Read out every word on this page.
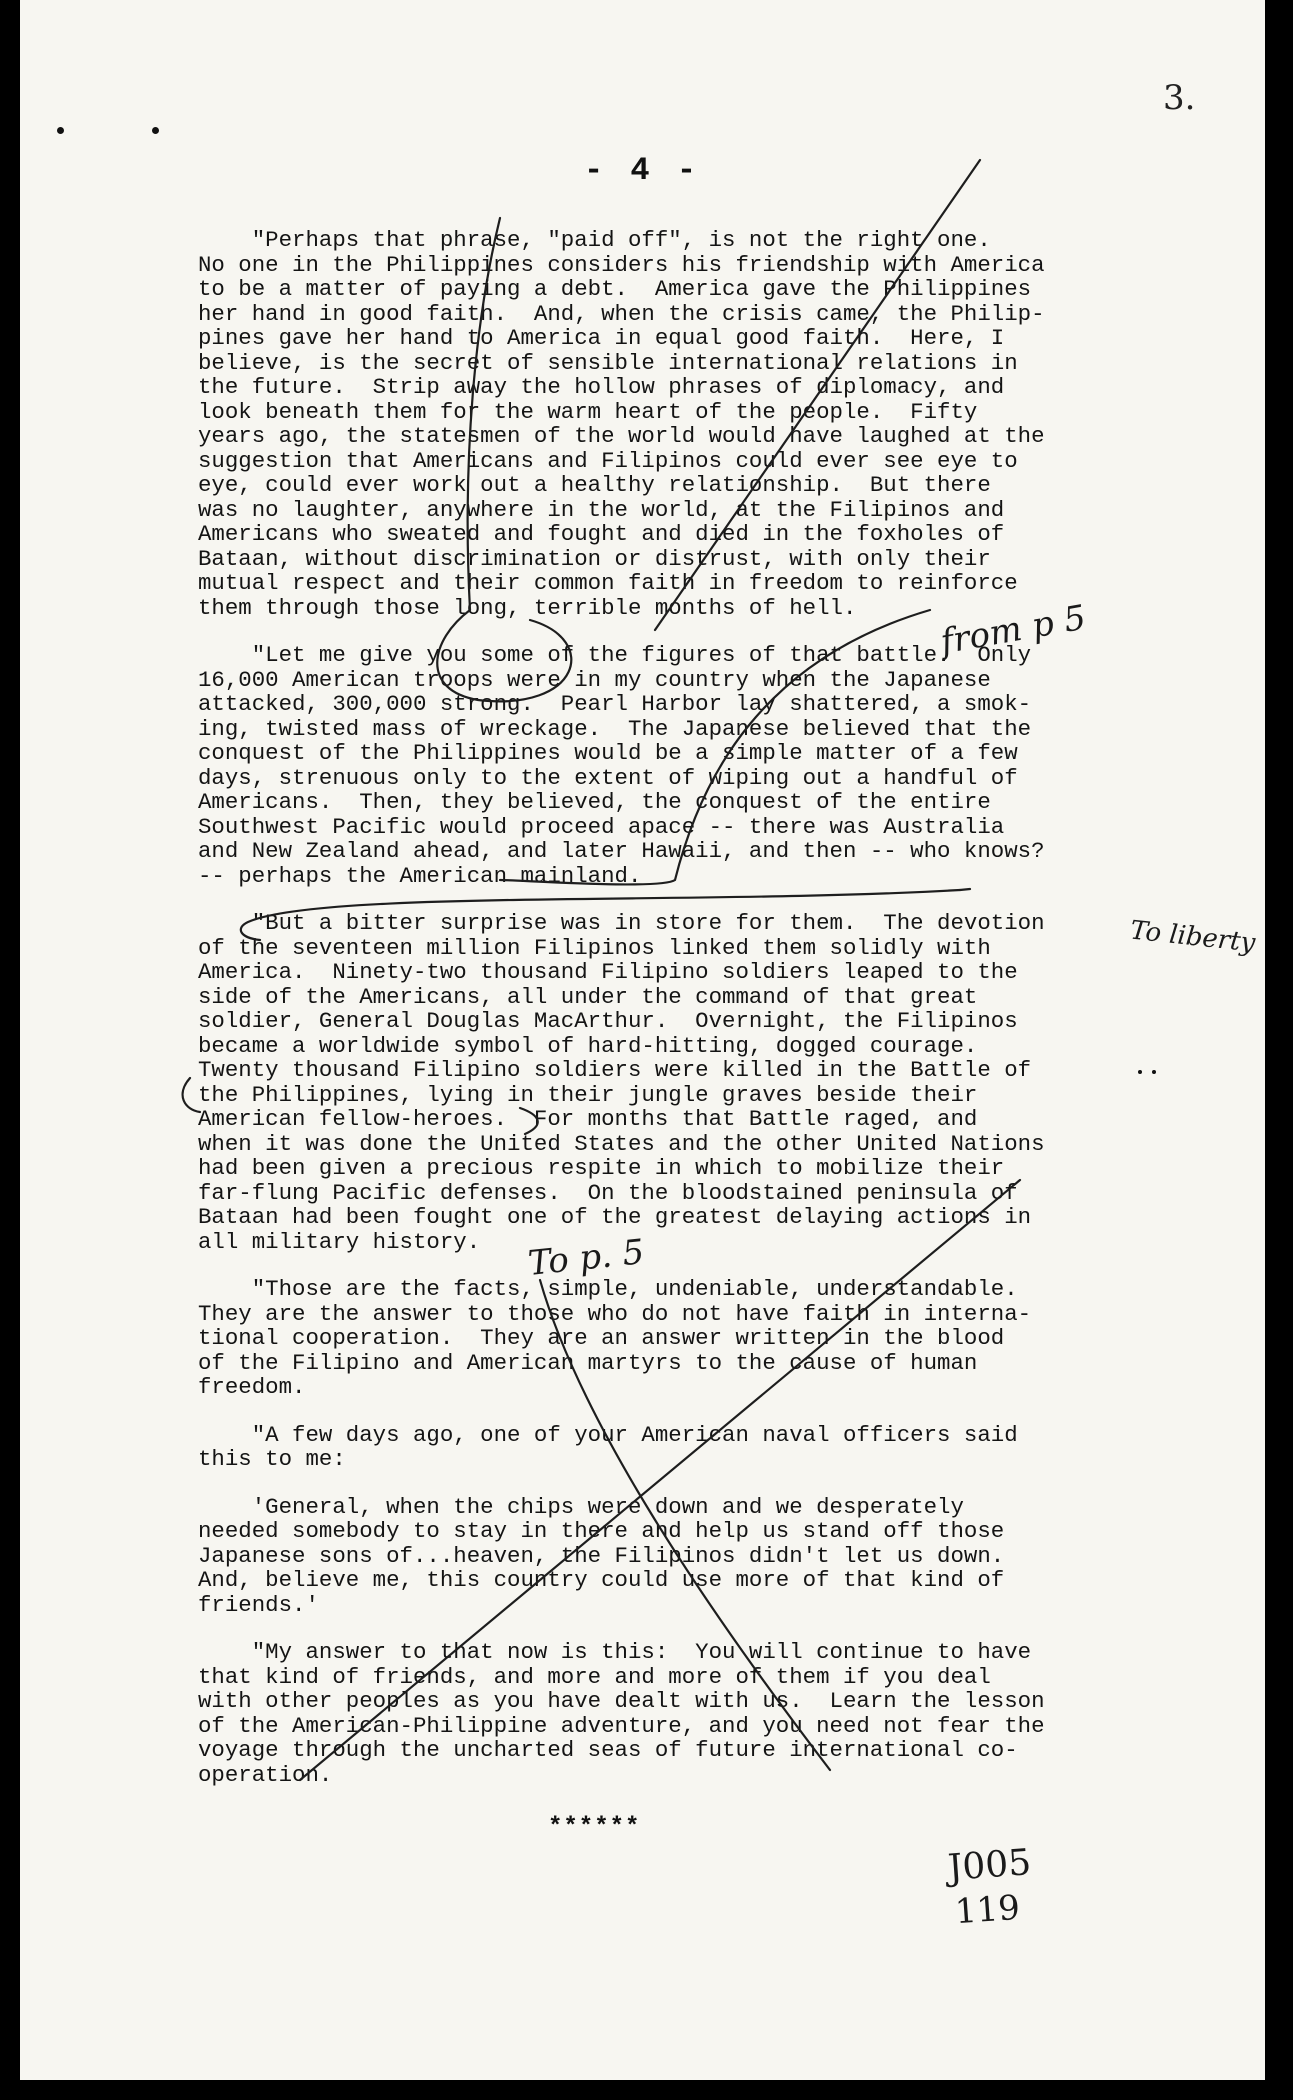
3.
- 4 -

"Perhaps that phrase, "paid off", is not the right one.
No one in the Philippines considers his friendship with America
to be a matter of paying a debt.  America gave the Philippines
her hand in good faith.  And, when the crisis came, the Philip-
pines gave her hand to America in equal good faith.  Here, I
believe, is the secret of sensible international relations in
the future.  Strip away the hollow phrases of diplomacy, and
look beneath them for the warm heart of the people.  Fifty
years ago, the statesmen of the world would have laughed at the
suggestion that Americans and Filipinos could ever see eye to
eye, could ever work out a healthy relationship.  But there
was no laughter, anywhere in the world, at the Filipinos and
Americans who sweated and fought and died in the foxholes of
Bataan, without discrimination or distrust, with only their
mutual respect and their common faith in freedom to reinforce
them through those long, terrible months of hell.

"Let me give you some of the figures of that battle.  Only
16,000 American troops were in my country when the Japanese
attacked, 300,000 strong.  Pearl Harbor lay shattered, a smok-
ing, twisted mass of wreckage.  The Japanese believed that the
conquest of the Philippines would be a simple matter of a few
days, strenuous only to the extent of wiping out a handful of
Americans.  Then, they believed, the conquest of the entire
Southwest Pacific would proceed apace -- there was Australia
and New Zealand ahead, and later Hawaii, and then -- who knows?
-- perhaps the American mainland.

"But a bitter surprise was in store for them.  The devotion
of the seventeen million Filipinos linked them solidly with
America.  Ninety-two thousand Filipino soldiers leaped to the
side of the Americans, all under the command of that great
soldier, General Douglas MacArthur.  Overnight, the Filipinos
became a worldwide symbol of hard-hitting, dogged courage.
Twenty thousand Filipino soldiers were killed in the Battle of
the Philippines, lying in their jungle graves beside their
American fellow-heroes.  For months that Battle raged, and
when it was done the United States and the other United Nations
had been given a precious respite in which to mobilize their
far-flung Pacific defenses.  On the bloodstained peninsula of
Bataan had been fought one of the greatest delaying actions in
all military history.

"Those are the facts, simple, undeniable, understandable.
They are the answer to those who do not have faith in interna-
tional cooperation.  They are an answer written in the blood
of the Filipino and American martyrs to the cause of human
freedom.

"A few days ago, one of your American naval officers said
this to me:

'General, when the chips were down and we desperately
needed somebody to stay in there and help us stand off those
Japanese sons of...heaven, the Filipinos didn't let us down.
And, believe me, this country could use more of that kind of
friends.'

"My answer to that now is this:  You will continue to have
that kind of friends, and more and more of them if you deal
with other peoples as you have dealt with us.  Learn the lesson
of the American-Philippine adventure, and you need not fear the
voyage through the uncharted seas of future international co-
operation.

******
from p 5
To liberty
To p. 5
J005
119
